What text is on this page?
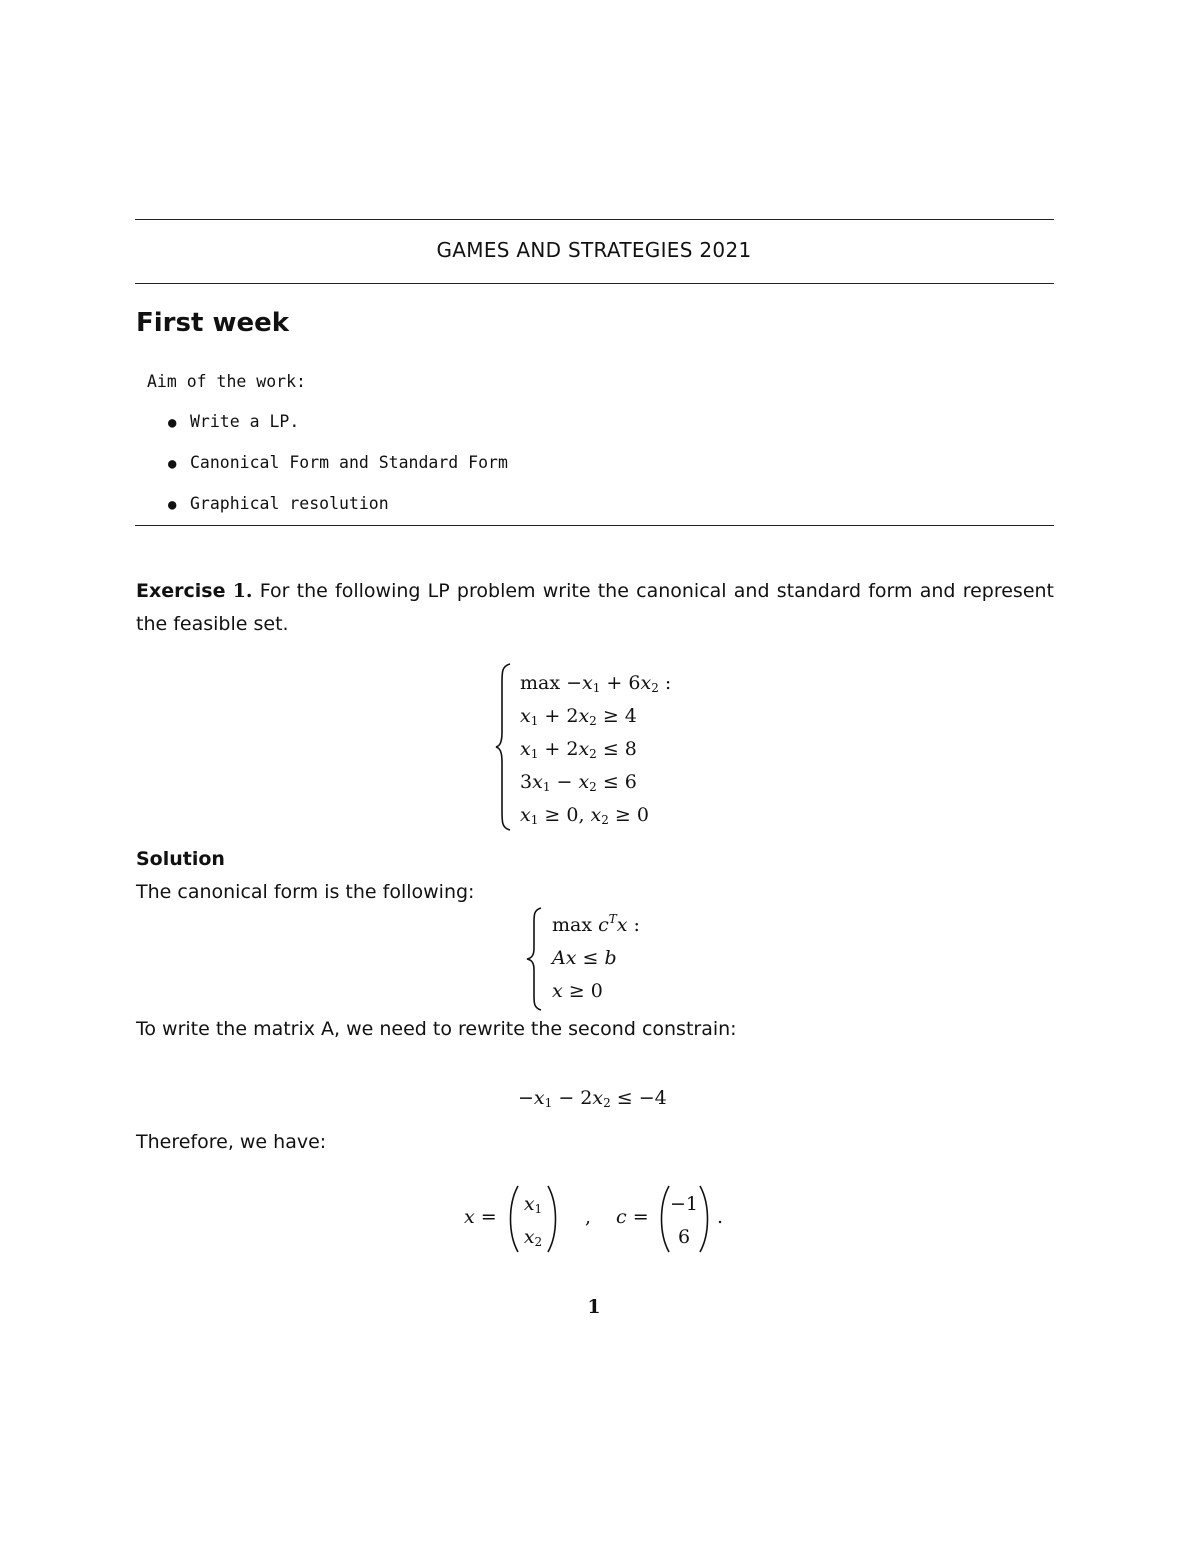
GAMES AND STRATEGIES 2021
First week
Aim of the work:
● Write a LP.
● Canonical Form and Standard Form
● Graphical resolution
Exercise 1. For the following LP problem write the canonical and standard form and represent the feasible set.
$\max -x_1 + 6x_2$ :
$x_1 + 2x_2 \ge 4$
$x_1 + 2x_2 \le 8$
$3x_1 - x_2 \le 6$
$x_1 \ge 0$, $x_2 \ge 0$
Solution
The canonical form is the following:
$\max c^Tx$ :
Ax ≤ b
x ≥ 0
To write the matrix A, we need to rewrite the second constrain:
$-x_1 - 2x_2 \le -4$
Therefore, we have:
x =
$x_1$
$x_2$
, c =
−1
6
.
1
